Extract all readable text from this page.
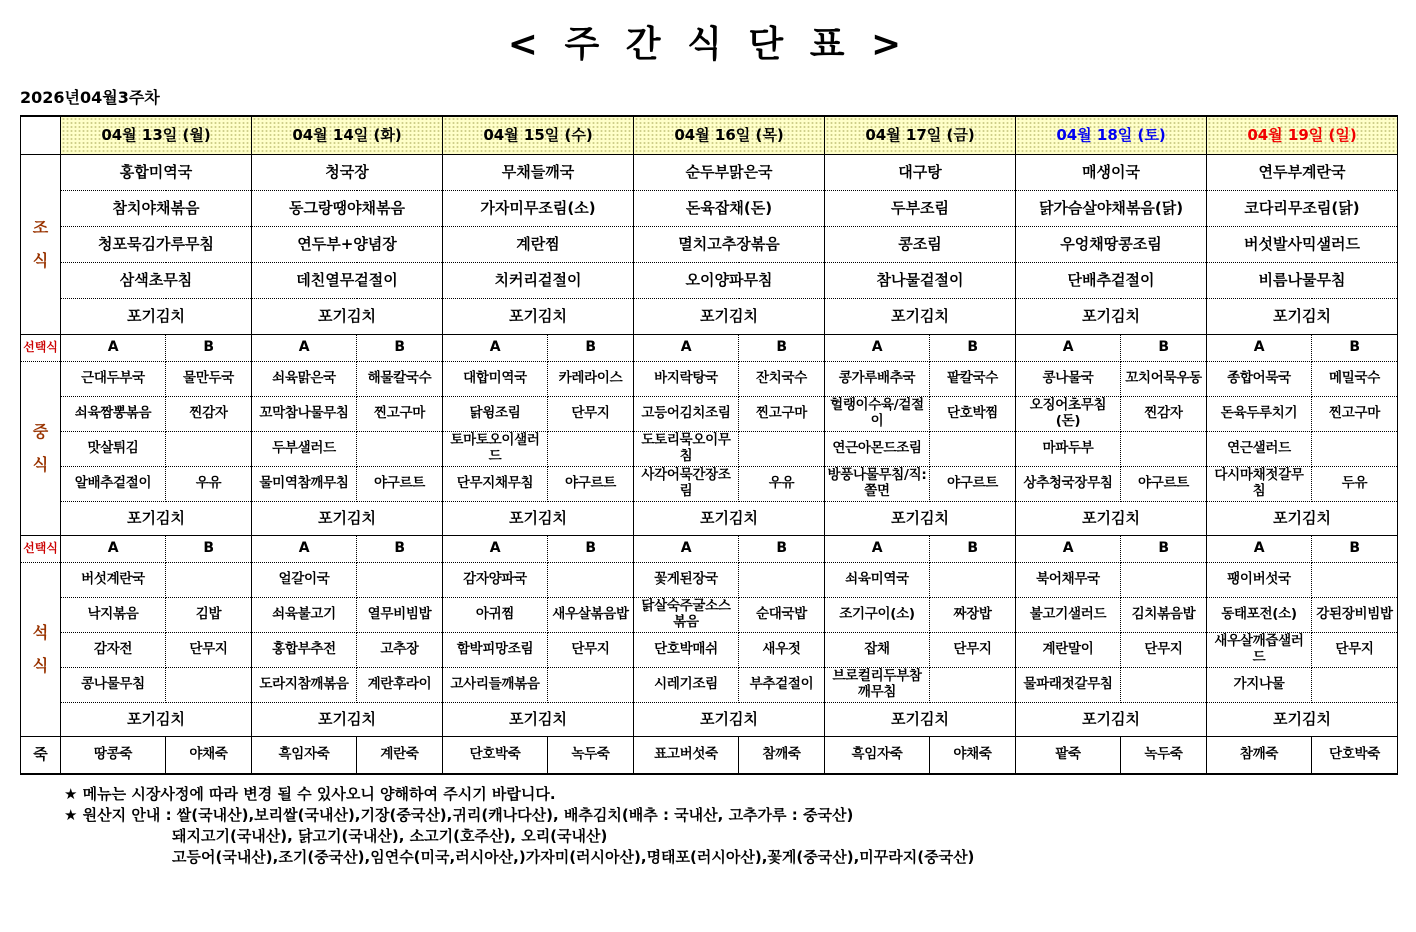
< 주 간 식 단 표 >
2026년04월3주차
	04월 13일 (월)		04월 14일 (화)		04월 15일 (수)		04월 16일 (목)		04월 17일 (금)		04월 18일 (토)		04월 19일 (일)	

조
식	홍합미역국		청국장		무채들깨국		순두부맑은국		대구탕		매생이국		연두부계란국	
	참치야채볶음		동그랑땡야채볶음		가자미무조림(소)		돈육잡채(돈)		두부조림		닭가슴살야채볶음(닭)		코다리무조림(닭)	
	청포묵김가루무침		연두부+양념장		계란찜		멸치고추장볶음		콩조림		우엉채땅콩조림		버섯발사믹샐러드	
	삼색초무침		데친열무겉절이		치커리겉절이		오이양파무침		참나물겉절이		단배추겉절이		비름나물무침	
	포기김치		포기김치		포기김치		포기김치		포기김치		포기김치		포기김치	
선택식	A	B	A	B	A	B	A	B	A	B	A	B	A	B

중
식	근대두부국	물만두국	쇠육맑은국	해물칼국수	대합미역국	카레라이스	바지락탕국	잔치국수	콩가루배추국	팥칼국수	콩나물국	꼬치어묵우동	종합어묵국	메밀국수
	쇠육짬뽕볶음	찐감자	꼬막참나물무침	찐고구마	닭윙조림	단무지	고등어김치조림	찐고구마	헐랭이수육/겉절이	단호박찜	오징어초무침(돈)	찐감자	돈육두루치기	찐고구마
	맛살튀김		두부샐러드		토마토오이샐러드		도토리묵오이무침		연근아몬드조림		마파두부		연근샐러드	
	알배추겉절이	우유	물미역참깨무침	야구르트	단무지채무침	야구르트	사각어묵간장조림	우유	방풍나물무침/직:쫄면	야구르트	상추청국장무침	야구르트	다시마채젓갈무침	두유
	포기김치		포기김치		포기김치		포기김치		포기김치		포기김치		포기김치	
선택식	A	B	A	B	A	B	A	B	A	B	A	B	A	B

석
식	버섯계란국		얼갈이국		감자양파국		꽃게된장국		쇠육미역국		북어채무국		팽이버섯국	
	낙지볶음	김밥	쇠육불고기	열무비빔밥	아귀찜	새우살볶음밥	닭살숙주굴소스볶음	순대국밥	조기구이(소)	짜장밥	불고기샐러드	김치볶음밥	동태포전(소)	강된장비빔밥
	감자전	단무지	홍합부추전	고추장	함박피망조림	단무지	단호박매쉬	새우젓	잡채	단무지	계란말이	단무지	새우살깨즙샐러드	단무지
	콩나물무침		도라지참깨볶음	계란후라이	고사리들깨볶음		시레기조림	부추겉절이	브로컬리두부참깨무침		물파래젓갈무침		가지나물	
	포기김치		포기김치		포기김치		포기김치		포기김치		포기김치		포기김치	
죽	땅콩죽	야채죽	흑임자죽	계란죽	단호박죽	녹두죽	표고버섯죽	참깨죽	흑임자죽	야채죽	팥죽	녹두죽	참깨죽	단호박죽
★ 메뉴는 시장사정에 따라 변경 될 수 있사오니 양해하여 주시기 바랍니다.
★ 원산지 안내 : 쌀(국내산),보리쌀(국내산),기장(중국산),귀리(캐나다산), 배추김치(배추 : 국내산, 고추가루 : 중국산)
돼지고기(국내산), 닭고기(국내산), 소고기(호주산), 오리(국내산)
고등어(국내산),조기(중국산),임연수(미국,러시아산,)가자미(러시아산),명태포(러시아산),꽃게(중국산),미꾸라지(중국산)
